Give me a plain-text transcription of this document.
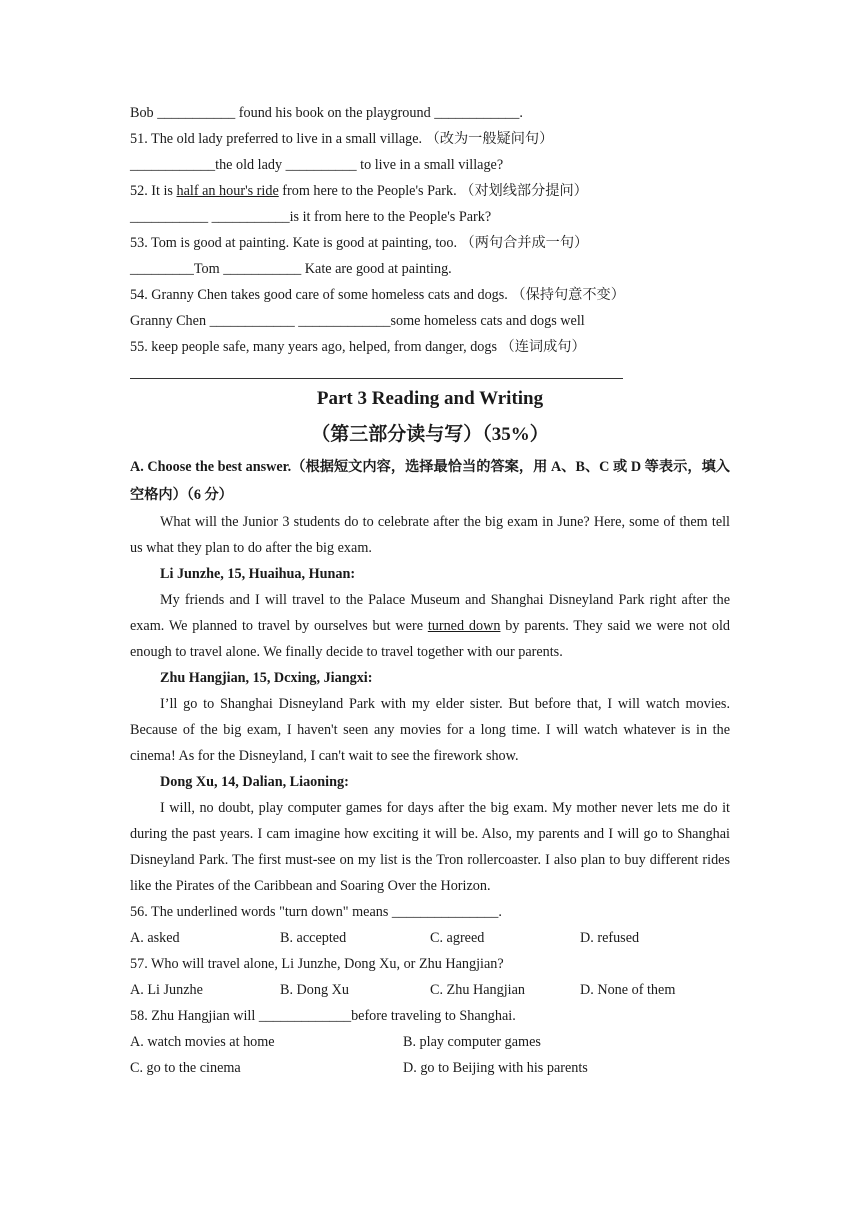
Bob ___________ found his book on the playground ____________.
51. The old lady preferred to live in a small village. （改为一般疑问句）
____________the old lady __________ to live in a small village?
52. It is half an hour's ride from here to the People's Park. （对划线部分提问）
___________ ___________is it from here to the People's Park?
53. Tom is good at painting. Kate is good at painting, too. （两句合并成一句）
_________Tom ___________ Kate are good at painting.
54. Granny Chen takes good care of some homeless cats and dogs. （保持句意不变）
Granny Chen ____________ _____________some homeless cats and dogs well
55. keep people safe, many years ago, helped, from danger, dogs （连词成句）
Part 3 Reading and Writing
（第三部分读与写）（35%）
A. Choose the best answer.（根据短文内容，选择最恰当的答案，用 A、B、C 或 D 等表示，填入空格内）（6 分）
What will the Junior 3 students do to celebrate after the big exam in June? Here, some of them tell us what they plan to do after the big exam.
Li Junzhe, 15, Huaihua, Hunan:
My friends and I will travel to the Palace Museum and Shanghai Disneyland Park right after the exam. We planned to travel by ourselves but were turned down by parents. They said we were not old enough to travel alone. We finally decide to travel together with our parents.
Zhu Hangjian, 15, Dcxing, Jiangxi:
I’ll go to Shanghai Disneyland Park with my elder sister. But before that, I will watch movies. Because of the big exam, I haven't seen any movies for a long time. I will watch whatever is in the cinema! As for the Disneyland, I can't wait to see the firework show.
Dong Xu, 14, Dalian, Liaoning:
I will, no doubt, play computer games for days after the big exam. My mother never lets me do it during the past years. I cam imagine how exciting it will be. Also, my parents and I will go to Shanghai Disneyland Park. The first must-see on my list is the Tron rollercoaster. I also plan to buy different rides like the Pirates of the Caribbean and Soaring Over the Horizon.
56. The underlined words "turn down" means _______________.
A. asked	B. accepted	C. agreed	D. refused
57. Who will travel alone, Li Junzhe, Dong Xu, or Zhu Hangjian?
A. Li Junzhe	B. Dong Xu	C. Zhu Hangjian	D. None of them
58. Zhu Hangjian will _____________before traveling to Shanghai.
A. watch movies at home	B. play computer games
C. go to the cinema	D. go to Beijing with his parents
